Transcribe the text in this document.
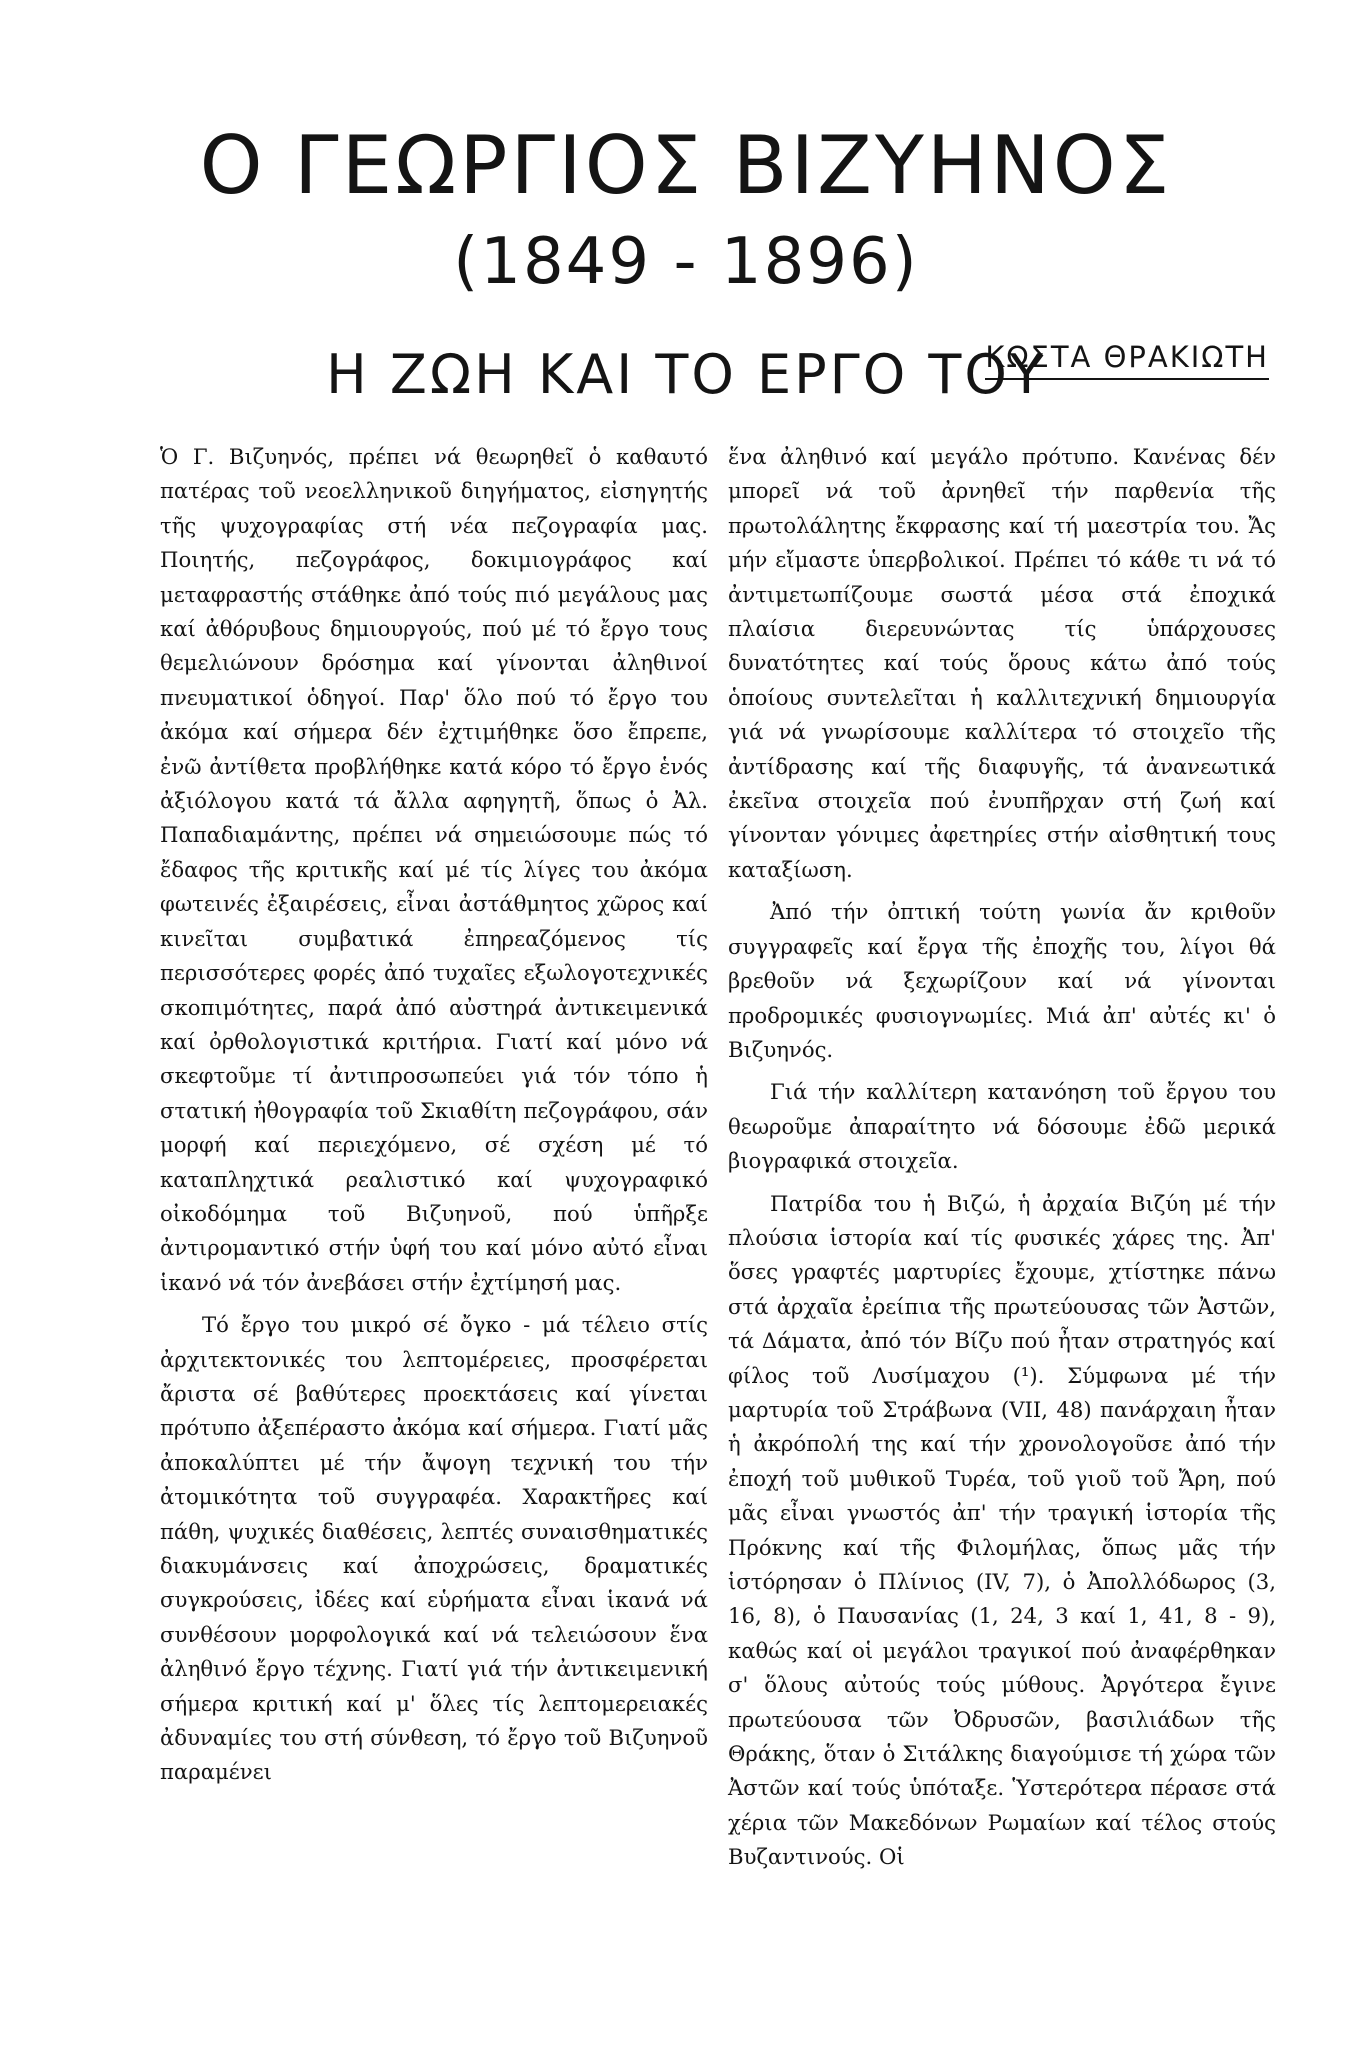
Ο ΓΕΩΡΓΙΟΣ ΒΙΖΥΗΝΟΣ
(1849 - 1896)
Η ΖΩΗ ΚΑΙ ΤΟ ΕΡΓΟ ΤΟΥ
ΚΩΣΤΑ ΘΡΑΚΙΩΤΗ

Ὁ Γ. Βιζυηνός, πρέπει νά θεωρηθεῖ ὁ καθαυτό πατέρας τοῦ νεοελληνικοῦ διηγήματος, εἰσηγητής τῆς ψυχογραφίας στή νέα πεζογραφία μας. Ποιητής, πεζογράφος, δοκιμιογράφος καί μεταφραστής στάθηκε ἀπό τούς πιό μεγάλους μας καί ἀθόρυβους δημιουργούς, πού μέ τό ἔργο τους θεμελιώνουν δρόσημα καί γίνονται ἀληθινοί πνευματικοί ὁδηγοί. Παρ' ὅλο πού τό ἔργο του ἀκόμα καί σήμερα δέν ἐχτιμήθηκε ὅσο ἔπρεπε, ἐνῶ ἀντίθετα προβλήθηκε κατά κόρο τό ἔργο ἑνός ἀξιόλογου κατά τά ἄλλα αφηγητῆ, ὅπως ὁ Ἀλ. Παπαδιαμάντης, πρέπει νά σημειώσουμε πώς τό ἔδαφος τῆς κριτικῆς καί μέ τίς λίγες του ἀκόμα φωτεινές ἐξαιρέσεις, εἶναι ἀστάθμητος χῶρος καί κινεῖται συμβατικά ἐπηρεαζόμενος τίς περισσότερες φορές ἀπό τυχαῖες εξωλογοτεχνικές σκοπιμότητες, παρά ἀπό αὐστηρά ἀντικειμενικά καί ὀρθολογιστικά κριτήρια. Γιατί καί μόνο νά σκεφτοῦμε τί ἀντιπροσωπεύει γιά τόν τόπο ἡ στατική ἠθογραφία τοῦ Σκιαθίτη πεζογράφου, σάν μορφή καί περιεχόμενο, σέ σχέση μέ τό καταπληχτικά ρεαλιστικό καί ψυχογραφικό οἰκοδόμημα τοῦ Βιζυηνοῦ, πού ὑπῆρξε ἀντιρομαντικό στήν ὑφή του καί μόνο αὐτό εἶναι ἱκανό νά τόν ἀνεβάσει στήν ἐχτίμησή μας.

Τό ἔργο του μικρό σέ ὄγκο - μά τέλειο στίς ἀρχιτεκτονικές του λεπτομέρειες, προσφέρεται ἄριστα σέ βαθύτερες προεκτάσεις καί γίνεται πρότυπο ἀξεπέραστο ἀκόμα καί σήμερα. Γιατί μᾶς ἀποκαλύπτει μέ τήν ἄψογη τεχνική του τήν ἀτομικότητα τοῦ συγγραφέα. Χαρακτῆρες καί πάθη, ψυχικές διαθέσεις, λεπτές συναισθηματικές διακυμάνσεις καί ἀποχρώσεις, δραματικές συγκρούσεις, ἰδέες καί εὑρήματα εἶναι ἱκανά νά συνθέσουν μορφολογικά καί νά τελειώσουν ἕνα ἀληθινό ἔργο τέχνης. Γιατί γιά τήν ἀντικειμενική σήμερα κριτική καί μ' ὅλες τίς λεπτομερειακές ἀδυναμίες του στή σύνθεση, τό ἔργο τοῦ Βιζυηνοῦ παραμένει

ἕνα ἀληθινό καί μεγάλο πρότυπο. Κανένας δέν μπορεῖ νά τοῦ ἀρνηθεῖ τήν παρθενία τῆς πρωτολάλητης ἔκφρασης καί τή μαεστρία του. Ἄς μήν εἴμαστε ὑπερβολικοί. Πρέπει τό κάθε τι νά τό ἀντιμετωπίζουμε σωστά μέσα στά ἐποχικά πλαίσια διερευνώντας τίς ὑπάρχουσες δυνατότητες καί τούς ὅρους κάτω ἀπό τούς ὁποίους συντελεῖται ἡ καλλιτεχνική δημιουργία γιά νά γνωρίσουμε καλλίτερα τό στοιχεῖο τῆς ἀντίδρασης καί τῆς διαφυγῆς, τά ἀνανεωτικά ἐκεῖνα στοιχεῖα πού ἐνυπῆρχαν στή ζωή καί γίνονταν γόνιμες ἀφετηρίες στήν αἰσθητική τους καταξίωση.

Ἀπό τήν ὀπτική τούτη γωνία ἄν κριθοῦν συγγραφεῖς καί ἔργα τῆς ἐποχῆς του, λίγοι θά βρεθοῦν νά ξεχωρίζουν καί νά γίνονται προδρομικές φυσιογνωμίες. Μιά ἀπ' αὐτές κι' ὁ Βιζυηνός.

Γιά τήν καλλίτερη κατανόηση τοῦ ἔργου του θεωροῦμε ἀπαραίτητο νά δόσουμε ἐδῶ μερικά βιογραφικά στοιχεῖα.

Πατρίδα του ἡ Βιζώ, ἡ ἀρχαία Βιζύη μέ τήν πλούσια ἱστορία καί τίς φυσικές χάρες της. Ἀπ' ὅσες γραφτές μαρτυρίες ἔχουμε, χτίστηκε πάνω στά ἀρχαῖα ἐρείπια τῆς πρωτεύουσας τῶν Ἀστῶν, τά Δάματα, ἀπό τόν Βίζυ πού ἦταν στρατηγός καί φίλος τοῦ Λυσίμαχου (¹). Σύμφωνα μέ τήν μαρτυρία τοῦ Στράβωνα (VII, 48) πανάρχαιη ἦταν ἡ ἀκρόπολή της καί τήν χρονολογοῦσε ἀπό τήν ἐποχή τοῦ μυθικοῦ Τυρέα, τοῦ γιοῦ τοῦ Ἄρη, πού μᾶς εἶναι γνωστός ἀπ' τήν τραγική ἱστορία τῆς Πρόκνης καί τῆς Φιλομήλας, ὅπως μᾶς τήν ἱστόρησαν ὁ Πλίνιος (IV, 7), ὁ Ἀπολλόδωρος (3, 16, 8), ὁ Παυσανίας (1, 24, 3 καί 1, 41, 8 - 9), καθώς καί οἱ μεγάλοι τραγικοί πού ἀναφέρθηκαν σ' ὅλους αὐτούς τούς μύθους. Ἀργότερα ἔγινε πρωτεύουσα τῶν Ὀδρυσῶν, βασιλιάδων τῆς Θράκης, ὅταν ὁ Σιτάλκης διαγούμισε τή χώρα τῶν Ἀστῶν καί τούς ὑπόταξε. Ὑστερότερα πέρασε στά χέρια τῶν Μακεδόνων Ρωμαίων καί τέλος στούς Βυζαντινούς. Οἱ
